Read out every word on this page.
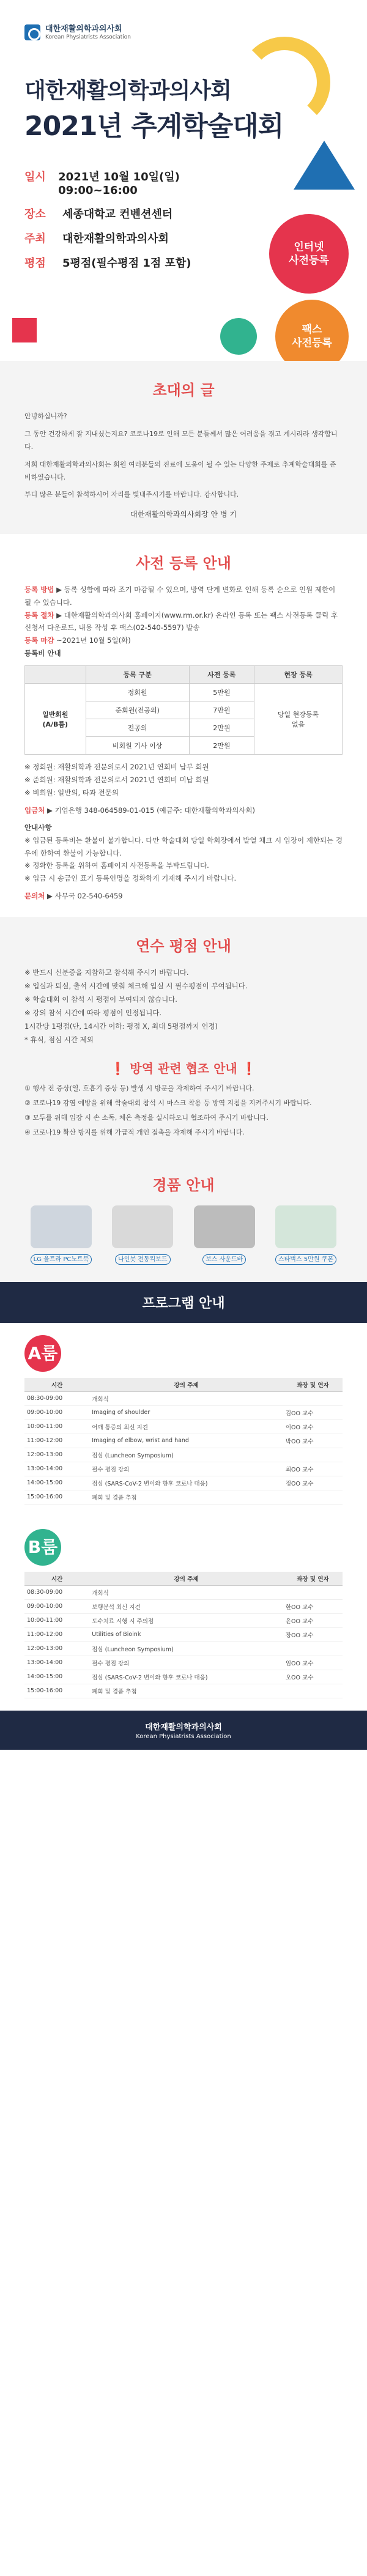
대한재활의학과의사회
Korean Physiatrists Association
대한재활의학과의사회
2021년 추계학술대회
일시 2021년 10월 10일(일) 09:00~16:00
장소	세종대학교 컨벤션센터
주최	대한재활의학과의사회
평점	5평점(필수평점 1점 포함)
인터넷
사전등록
팩스
사전등록
초대의 글

안녕하십니까?

그 동안 건강하게 잘 지내셨는지요? 코로나19로 인해 모든 분들께서 많은 어려움을 겪고 계시리라 생각합니다.

저희 대한재활의학과의사회는 회원 여러분들의 진료에 도움이 될 수 있는 다양한 주제로 추계학술대회를 준비하였습니다.

부디 많은 분들이 참석하시어 자리를 빛내주시기를 바랍니다. 감사합니다.

대한재활의학과의사회장 안 병 기
사전 등록 안내

등록 방법 ▶ 등록 성함에 따라 조기 마감될 수 있으며, 방역 단계 변화로 인해 등록 순으로 인원 제한이 될 수 있습니다.

등록 절차 ▶ 대한재활의학과의사회 홈페이지(www.rm.or.kr) 온라인 등록 또는 팩스 사전등록 클릭 후 신청서 다운로드, 내용 작성 후 팩스(02-540-5597) 발송

등록 마감 ~2021년 10월 5일(화)

등록비 안내

	등록 구분	사전 등록	현장 등록
일반회원
(A/B룸)	정회원	5만원	당일 현장등록
없음
	준회원(전공의)	7만원	
	전공의	2만원	
	비회원 기사 이상	2만원	

※ 정회원: 재활의학과 전문의로서 2021년 연회비 납부 회원

※ 준회원: 재활의학과 전문의로서 2021년 연회비 미납 회원

※ 비회원: 일반의, 타과 전문의

입금처 ▶ 기업은행 348-064589-01-015 (예금주: 대한재활의학과의사회)

안내사항

※ 입금된 등록비는 환불이 불가합니다. 다만 학술대회 당일 학회장에서 발열 체크 시 입장이 제한되는 경우에 한하여 환불이 가능합니다.

※ 정확한 등록을 위하여 홈페이지 사전등록을 부탁드립니다.

※ 입금 시 송금인 표기 등록인명을 정확하게 기재해 주시기 바랍니다.

문의처 ▶ 사무국 02-540-6459

연수 평점 안내
※ 반드시 신분증을 지참하고 참석해 주시기 바랍니다.
※ 입실과 퇴실, 출석 시간에 맞춰 체크해 입실 시 필수평점이 부여됩니다.
※ 학술대회 이 참석 시 평점이 부여되지 않습니다.
※ 강의 참석 시간에 따라 평점이 인정됩니다.
1시간당 1평점(단, 14시간 이하: 평점 X, 최대 5평점까지 인정)
* 휴식, 점심 시간 제외
❗ 방역 관련 협조 안내 ❗

① 행사 전 증상(열, 호흡기 증상 등) 발생 시 방문을 자제하여 주시기 바랍니다.

② 코로나19 감염 예방을 위해 학술대회 참석 시 마스크 착용 등 방역 지침을 지켜주시기 바랍니다.

③ 모두를 위해 입장 시 손 소독, 체온 측정을 실시하오니 협조하여 주시기 바랍니다.

④ 코로나19 확산 방지를 위해 가급적 개인 접촉을 자제해 주시기 바랍니다.

경품 안내
LG 울트라 PC노트북	나인봇 전동킥보드	보스 사운드바	스타벅스 5만원 쿠폰
프로그램 안내
A룸
시간	강의 주제	좌장 및 연자
08:30-09:00	개회식	
09:00-10:00	Imaging of shoulder	김OO 교수
10:00-11:00	어깨 통증의 최신 지견	이OO 교수
11:00-12:00	Imaging of elbow, wrist and hand	박OO 교수
12:00-13:00	점심 (Luncheon Symposium)	
13:00-14:00	필수 평점 강의	최OO 교수
14:00-15:00	점심 (SARS-CoV-2 변이와 향후 코로나 대응)	정OO 교수
15:00-16:00	폐회 및 경품 추첨	
B룸
시간	강의 주제	좌장 및 연자
08:30-09:00	개회식	
09:00-10:00	보행분석 최신 지견	한OO 교수
10:00-11:00	도수치료 시행 시 주의점	윤OO 교수
11:00-12:00	Utilities of Bioink	장OO 교수
12:00-13:00	점심 (Luncheon Symposium)	
13:00-14:00	필수 평점 강의	임OO 교수
14:00-15:00	점심 (SARS-CoV-2 변이와 향후 코로나 대응)	오OO 교수
15:00-16:00	폐회 및 경품 추첨	
대한재활의학과의사회
Korean Physiatrists Association
